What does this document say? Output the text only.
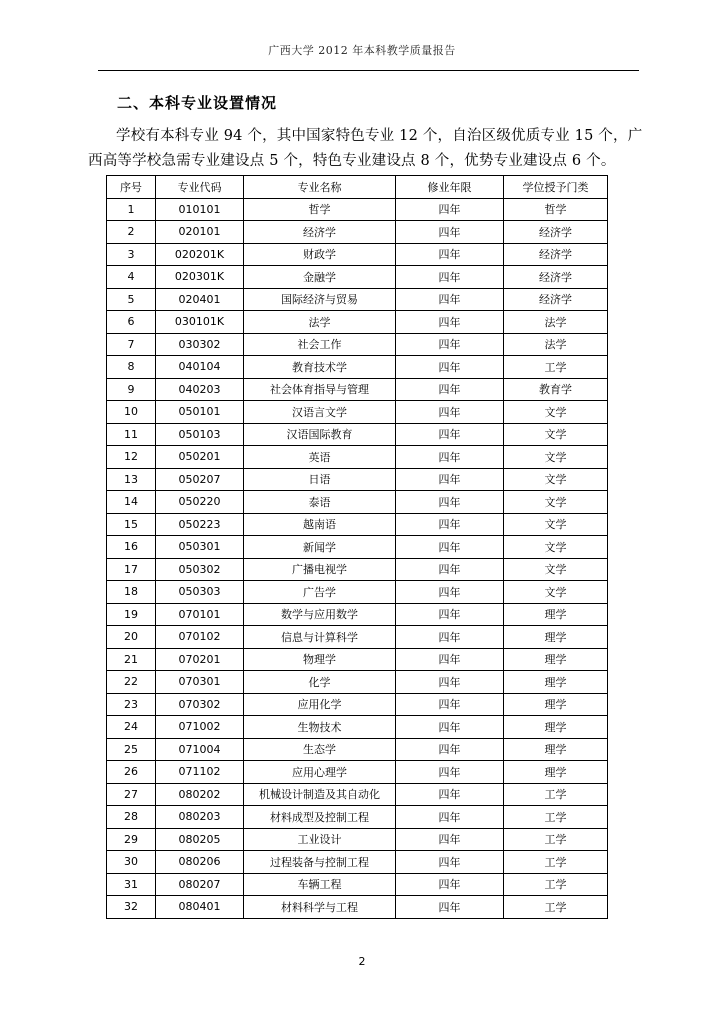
广西大学 2012 年本科教学质量报告
二、本科专业设置情况

学校有本科专业 94 个，其中国家特色专业 12 个，自治区级优质专业 15 个，广西高等学校急需专业建设点 5 个，特色专业建设点 8 个，优势专业建设点 6 个。

序号	专业代码	专业名称	修业年限	学位授予门类
1	010101	哲学	四年	哲学
2	020101	经济学	四年	经济学
3	020201K	财政学	四年	经济学
4	020301K	金融学	四年	经济学
5	020401	国际经济与贸易	四年	经济学
6	030101K	法学	四年	法学
7	030302	社会工作	四年	法学
8	040104	教育技术学	四年	工学
9	040203	社会体育指导与管理	四年	教育学
10	050101	汉语言文学	四年	文学
11	050103	汉语国际教育	四年	文学
12	050201	英语	四年	文学
13	050207	日语	四年	文学
14	050220	泰语	四年	文学
15	050223	越南语	四年	文学
16	050301	新闻学	四年	文学
17	050302	广播电视学	四年	文学
18	050303	广告学	四年	文学
19	070101	数学与应用数学	四年	理学
20	070102	信息与计算科学	四年	理学
21	070201	物理学	四年	理学
22	070301	化学	四年	理学
23	070302	应用化学	四年	理学
24	071002	生物技术	四年	理学
25	071004	生态学	四年	理学
26	071102	应用心理学	四年	理学
27	080202	机械设计制造及其自动化	四年	工学
28	080203	材料成型及控制工程	四年	工学
29	080205	工业设计	四年	工学
30	080206	过程装备与控制工程	四年	工学
31	080207	车辆工程	四年	工学
32	080401	材料科学与工程	四年	工学
2
